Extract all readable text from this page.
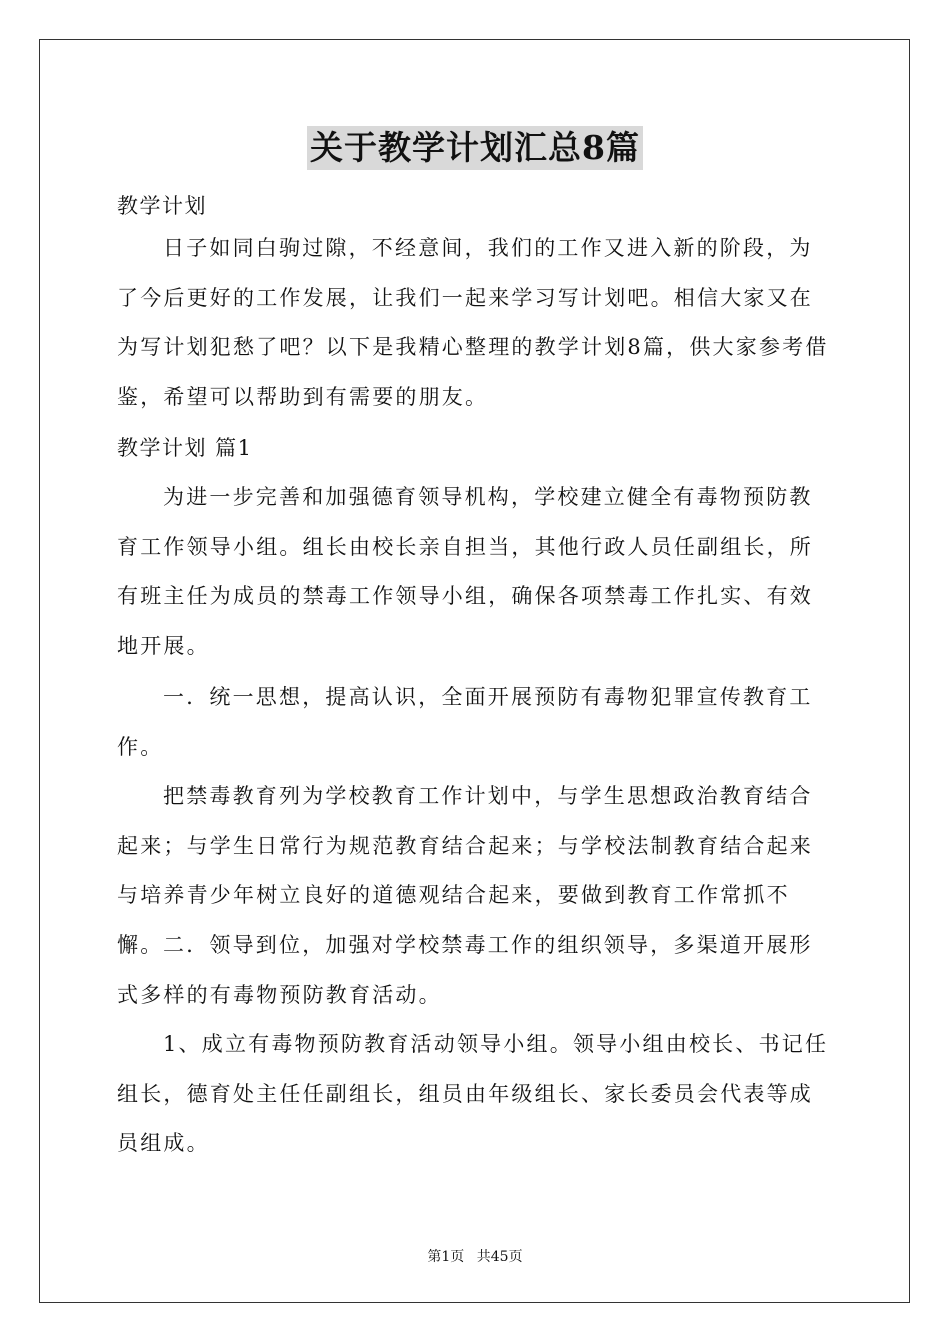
关于教学计划汇总8篇

教学计划

日子如同白驹过隙，不经意间，我们的工作又进入新的阶段，为了今后更好的工作发展，让我们一起来学习写计划吧。相信大家又在为写计划犯愁了吧？以下是我精心整理的教学计划8篇，供大家参考借鉴，希望可以帮助到有需要的朋友。

教学计划 篇1

为进一步完善和加强德育领导机构，学校建立健全有毒物预防教育工作领导小组。组长由校长亲自担当，其他行政人员任副组长，所有班主任为成员的禁毒工作领导小组，确保各项禁毒工作扎实、有效地开展。

一．统一思想，提高认识，全面开展预防有毒物犯罪宣传教育工作。

把禁毒教育列为学校教育工作计划中，与学生思想政治教育结合起来；与学生日常行为规范教育结合起来；与学校法制教育结合起来与培养青少年树立良好的道德观结合起来，要做到教育工作常抓不懈。 二．领导到位，加强对学校禁毒工作的组织领导，多渠道开展形式多样的有毒物预防教育活动。

1、成立有毒物预防教育活动领导小组。领导小组由校长、书记任组长，德育处主任任副组长，组员由年级组长、家长委员会代表等成员组成。

第1页 共45页
